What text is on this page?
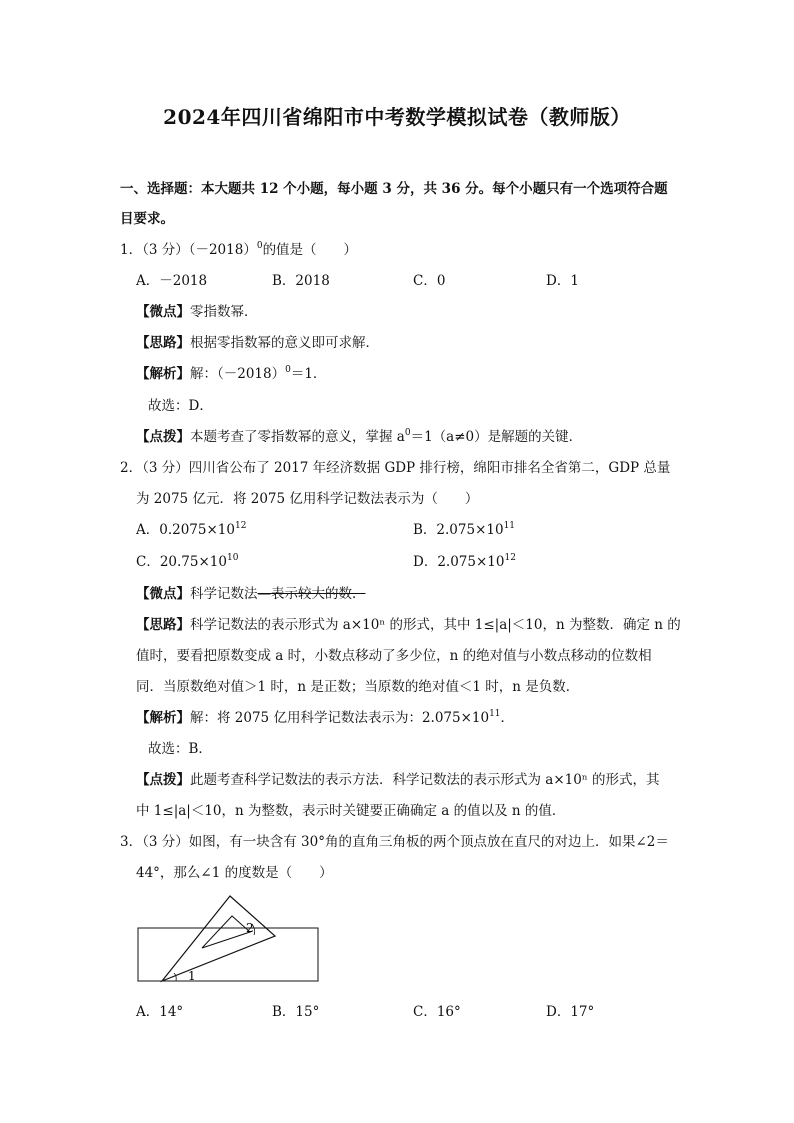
2024年四川省绵阳市中考数学模拟试卷（教师版）
一、选择题：本大题共 12 个小题，每小题 3 分，共 36 分。每个小题只有一个选项符合题
目要求。
1．（3 分）$(-2018)^0$的值是（　　）
A．－2018	B．2018	C．0	D．1
【微点】零指数幂．
【思路】根据零指数幂的意义即可求解．
【解析】解：$(-2018)^0=1$．
故选：D．
【点拨】本题考查了零指数幂的意义，掌握 $a^0=1(a\ne 0)$是解题的关键．
2．（3 分）四川省公布了 2017 年经济数据 GDP 排行榜，绵阳市排名全省第二，GDP 总量
为 2075 亿元．将 2075 亿用科学记数法表示为（　　）
A．$0.2075\times 10^{12}$	B．$2.075\times 10^{11}$
C．$20.75\times 10^{10}$	D．$2.075\times 10^{12}$
【微点】科学记数法—表示较大的数．
【思路】科学记数法的表示形式为 a×10ⁿ 的形式，其中 1≤|a|＜10，n 为整数．确定 n 的
值时，要看把原数变成 a 时，小数点移动了多少位，n 的绝对值与小数点移动的位数相
同．当原数绝对值＞1 时，n 是正数；当原数的绝对值＜1 时，n 是负数．
【解析】解：将 2075 亿用科学记数法表示为：$2.075\times 10^{11}$．
故选：B．
【点拨】此题考查科学记数法的表示方法．科学记数法的表示形式为 a×10ⁿ 的形式，其
中 1≤|a|＜10，n 为整数，表示时关键要正确确定 a 的值以及 n 的值．
3．（3 分）如图，有一块含有 30°角的直角三角板的两个顶点放在直尺的对边上．如果∠2＝
44°，那么∠1 的度数是（　　）
2
1
A．14°	B．15°	C．16°	D．17°
